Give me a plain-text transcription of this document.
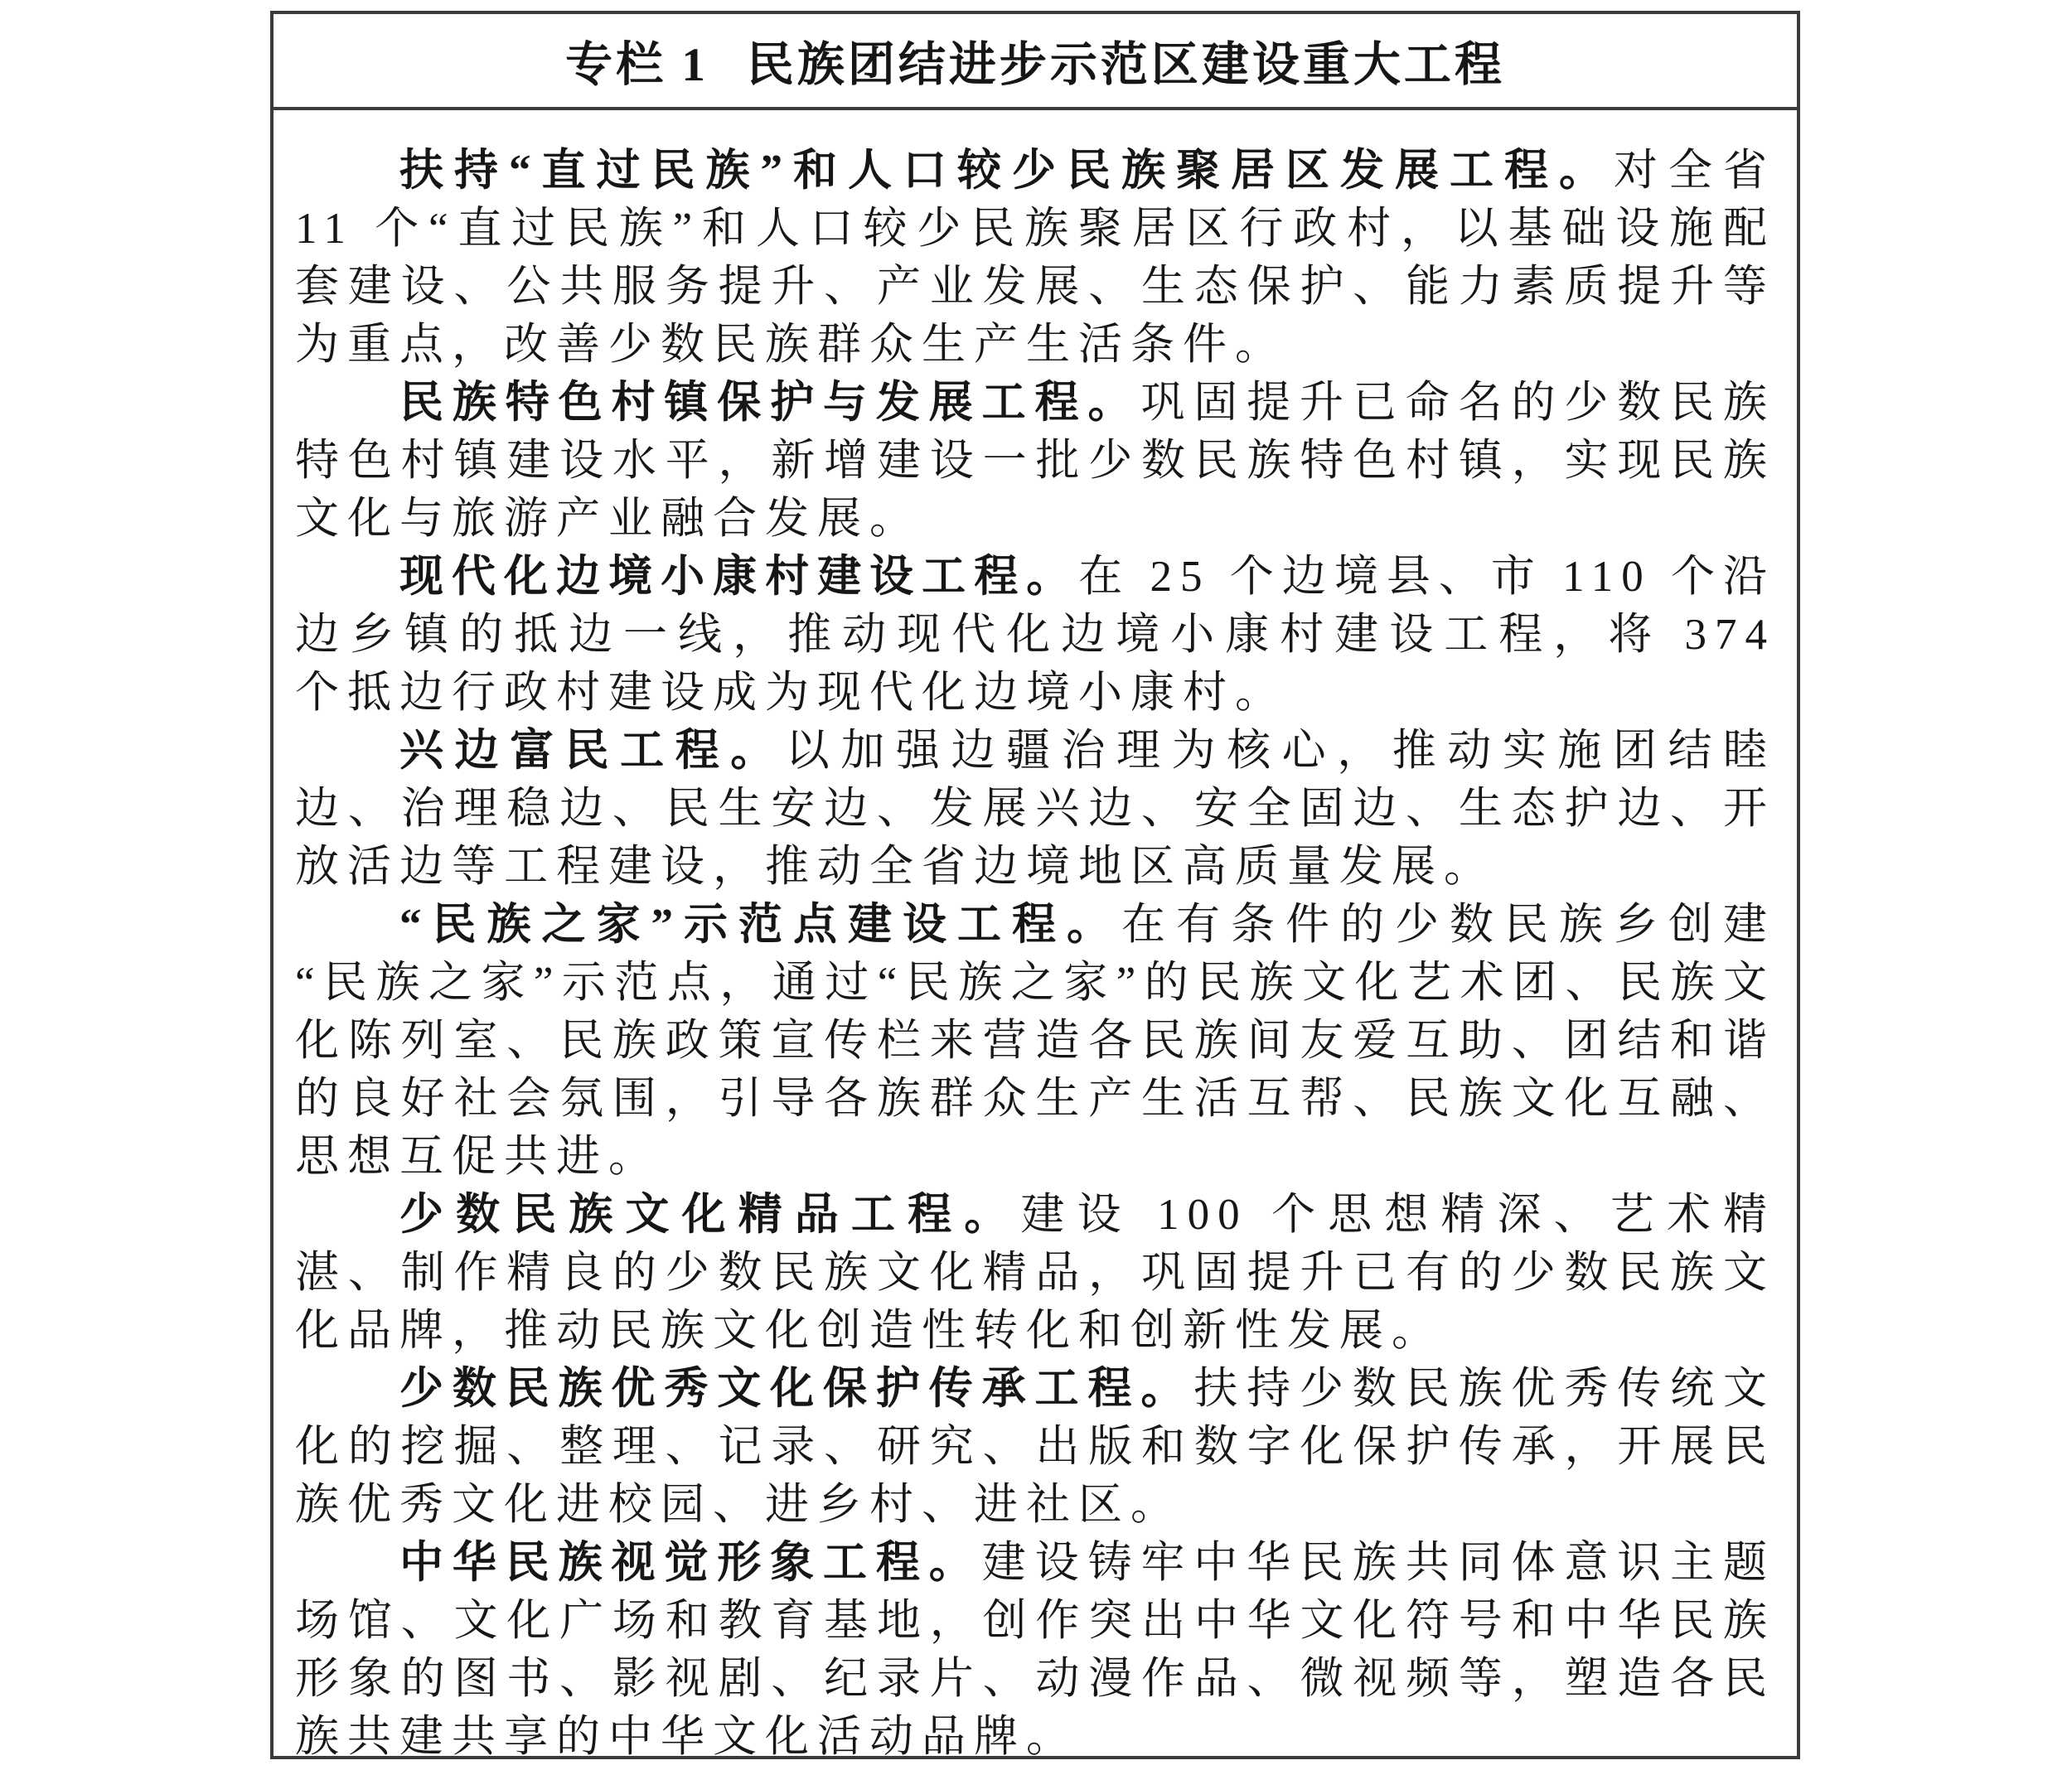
专栏 1 民族团结进步示范区建设重大工程

扶持“直过民族”和人口较少民族聚居区发展工程。对全省 11 个“直过民族”和人口较少民族聚居区行政村，以基础设施配套建设、公共服务提升、产业发展、生态保护、能力素质提升等为重点，改善少数民族群众生产生活条件。

民族特色村镇保护与发展工程。巩固提升已命名的少数民族特色村镇建设水平，新增建设一批少数民族特色村镇，实现民族文化与旅游产业融合发展。

现代化边境小康村建设工程。在 25 个边境县、市 110 个沿边乡镇的抵边一线，推动现代化边境小康村建设工程，将 374 个抵边行政村建设成为现代化边境小康村。

兴边富民工程。以加强边疆治理为核心，推动实施团结睦边、治理稳边、民生安边、发展兴边、安全固边、生态护边、开放活边等工程建设，推动全省边境地区高质量发展。

“民族之家”示范点建设工程。在有条件的少数民族乡创建“民族之家”示范点，通过“民族之家”的民族文化艺术团、民族文化陈列室、民族政策宣传栏来营造各民族间友爱互助、团结和谐的良好社会氛围，引导各族群众生产生活互帮、民族文化互融、思想互促共进。

少数民族文化精品工程。建设 100 个思想精深、艺术精湛、制作精良的少数民族文化精品，巩固提升已有的少数民族文化品牌，推动民族文化创造性转化和创新性发展。

少数民族优秀文化保护传承工程。扶持少数民族优秀传统文化的挖掘、整理、记录、研究、出版和数字化保护传承，开展民族优秀文化进校园、进乡村、进社区。

中华民族视觉形象工程。建设铸牢中华民族共同体意识主题场馆、文化广场和教育基地，创作突出中华文化符号和中华民族形象的图书、影视剧、纪录片、动漫作品、微视频等，塑造各民族共建共享的中华文化活动品牌。
